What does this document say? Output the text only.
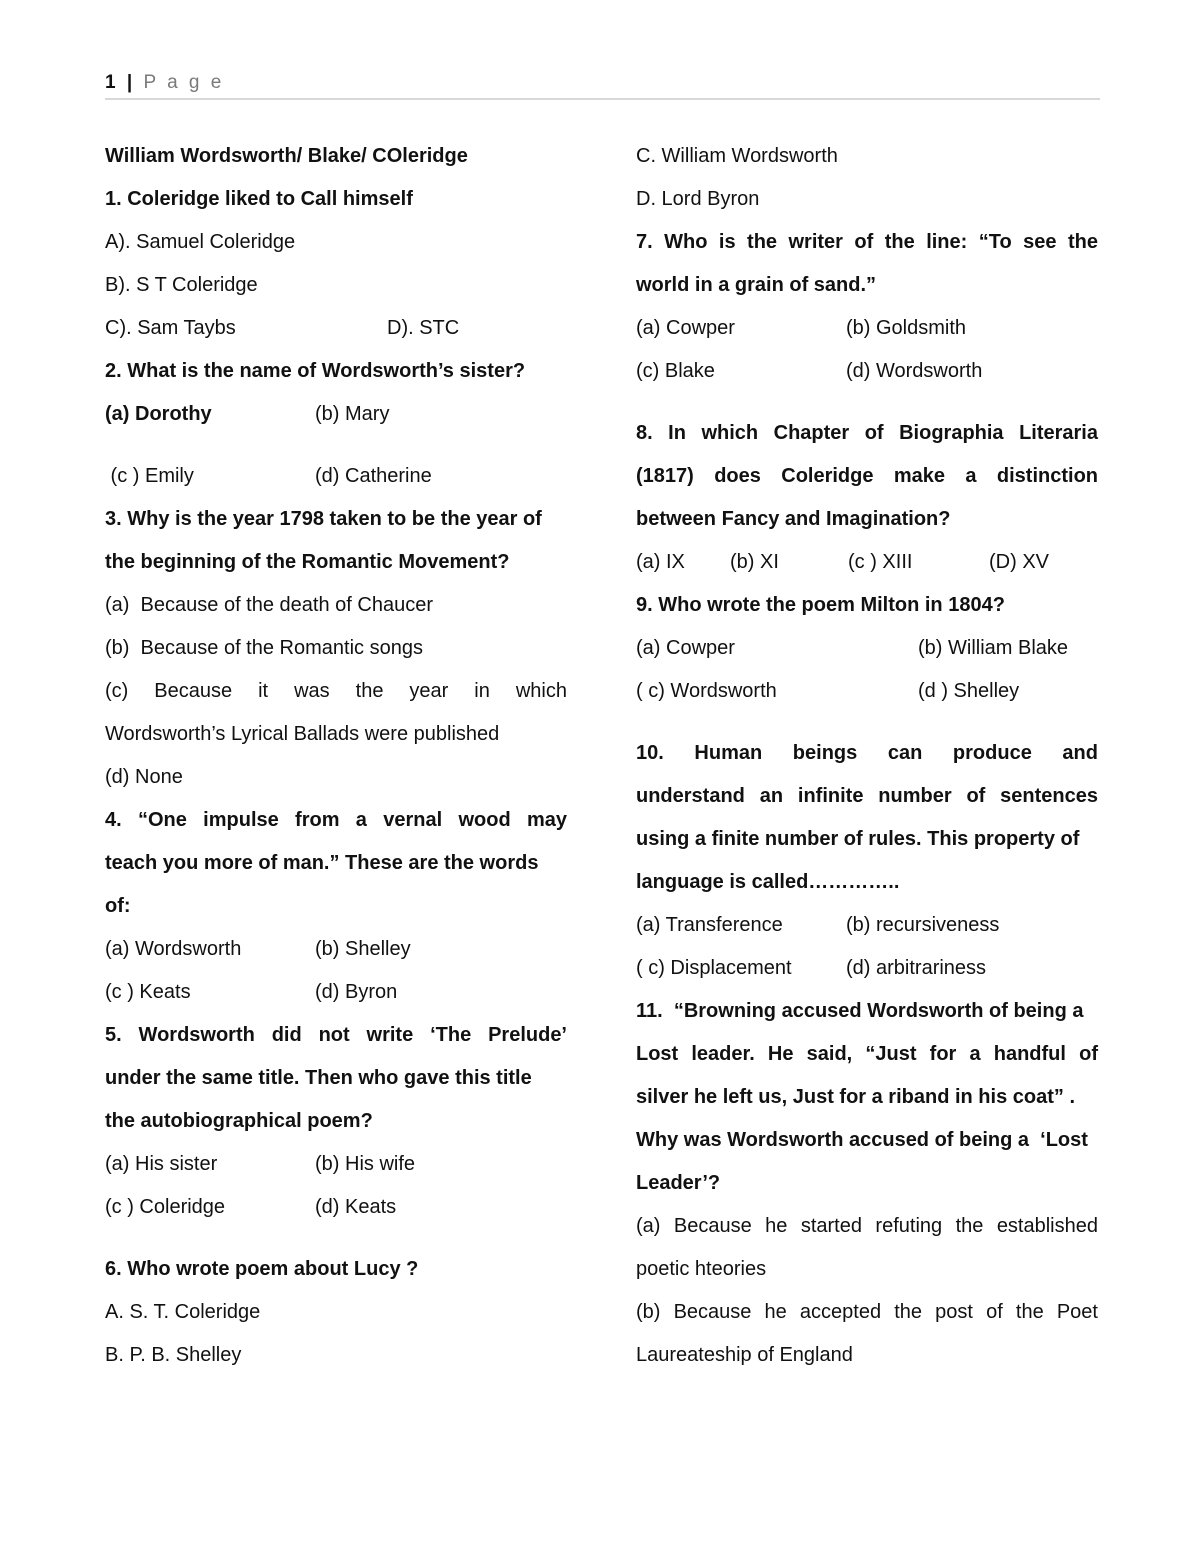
1 | P a g e
William Wordsworth/ Blake/ COleridge
1. Coleridge liked to Call himself
A). Samuel Coleridge
B). S T Coleridge
C). Sam Taybs	D). STC
2. What is the name of Wordsworth’s sister?
(a) Dorothy	(b) Mary
(c ) Emily	(d) Catherine
3. Why is the year 1798 taken to be the year of
the beginning of the Romantic Movement?
(a)  Because of the death of Chaucer
(b)  Because of the Romantic songs
(c) Because it was the year in which
Wordsworth’s Lyrical Ballads were published
(d) None
4. “One impulse from a vernal wood may
teach you more of man.” These are the words
of:
(a) Wordsworth	(b) Shelley
(c ) Keats	(d) Byron
5. Wordsworth did not write ‘The Prelude’
under the same title. Then who gave this title
the autobiographical poem?
(a) His sister	(b) His wife
(c ) Coleridge	(d) Keats
6. Who wrote poem about Lucy ?
A. S. T. Coleridge
B. P. B. Shelley
C. William Wordsworth
D. Lord Byron
7. Who is the writer of the line: “To see the
world in a grain of sand.”
(a) Cowper	(b) Goldsmith
(c) Blake	(d) Wordsworth
8. In which Chapter of Biographia Literaria
(1817) does Coleridge make a distinction
between Fancy and Imagination?
(a) IX	(b) XI	(c ) XIII	(D) XV
9. Who wrote the poem Milton in 1804?
(a) Cowper	(b) William Blake
( c) Wordsworth	(d ) Shelley
10. Human beings can produce and
understand an infinite number of sentences
using a finite number of rules. This property of
language is called…………..
(a) Transference	(b) recursiveness
( c) Displacement	(d) arbitrariness
11.  “Browning accused Wordsworth of being a
Lost leader. He said, “Just for a handful of
silver he left us, Just for a riband in his coat” .
Why was Wordsworth accused of being a  ‘Lost
Leader’?
(a) Because he started refuting the established
poetic hteories
(b) Because he accepted the post of the Poet
Laureateship of England
